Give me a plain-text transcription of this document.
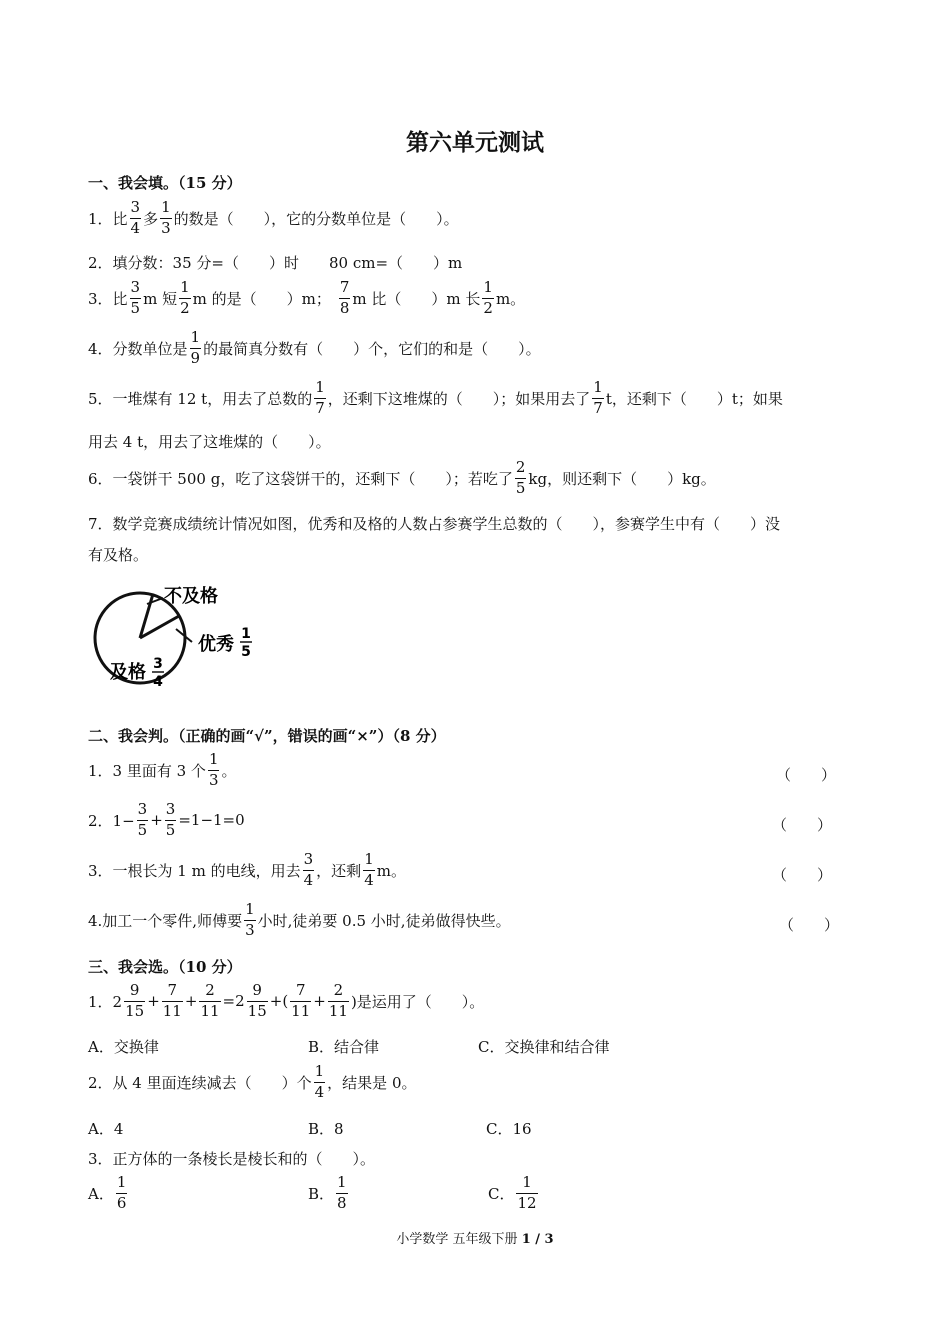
第六单元测试
一、我会填。（15 分）
1．比 $\frac{3}{4}$ 多 $\frac{1}{3}$ 的数是（　　），它的分数单位是（　　）。
2．填分数：35 分=（　　）时　　80 cm=（　　）m
3．比 $\frac{3}{5}$ m 短 $\frac{1}{2}$ m 的是（　　）m； $\frac{7}{8}$ m 比（　　）m 长 $\frac{1}{2}$ m。
4．分数单位是 $\frac{1}{9}$ 的最简真分数有（　　）个，它们的和是（　　）。
5．一堆煤有 12 t，用去了总数的 $\frac{1}{7}$ ，还剩下这堆煤的（　　）；如果用去了 $\frac{1}{7}$ t，还剩下（　　）t；如果
用去 4 t，用去了这堆煤的（　　）。
6．一袋饼干 500 g，吃了这袋饼干的，还剩下（　　）；若吃了 $\frac{2}{5}$ kg，则还剩下（　　）kg。
7．数学竞赛成绩统计情况如图，优秀和及格的人数占参赛学生总数的（　　），参赛学生中有（　　）没
有及格。
不及格
优秀 1
5
及格 3
4
二、我会判。（正确的画“√”，错误的画“×”）（8 分）
1．3 里面有 3 个 $\frac{1}{3}$ 。	（　　）
2．$1- \frac{3}{5} + \frac{3}{5} =1-1=0$	（　　）
3．一根长为 1 m 的电线，用去 $\frac{3}{4}$ ，还剩 $\frac{1}{4}$ m。	（　　）
4.加工一个零件,师傅要 $\frac{1}{3}$ 小时,徒弟要 0.5 小时,徒弟做得快些。	（　　）
三、我会选。（10 分）
1．$2 \frac{9}{15} + \frac{7}{11} + \frac{2}{11} =2 \frac{9}{15}$ +( $\frac{7}{11} + \frac{2}{11}$ )是运用了（　　）。
A．交换律	B．结合律	C．交换律和结合律
2．从 4 里面连续减去（　　）个 $\frac{1}{4}$ ，结果是 0。
A．4	B．8	C．16
3．正方体的一条棱长是棱长和的（　　）。
A． $\frac{1}{6}$	B． $\frac{1}{8}$	C． $\frac{1}{12}$
小学数学 五年级下册 1 / 3
